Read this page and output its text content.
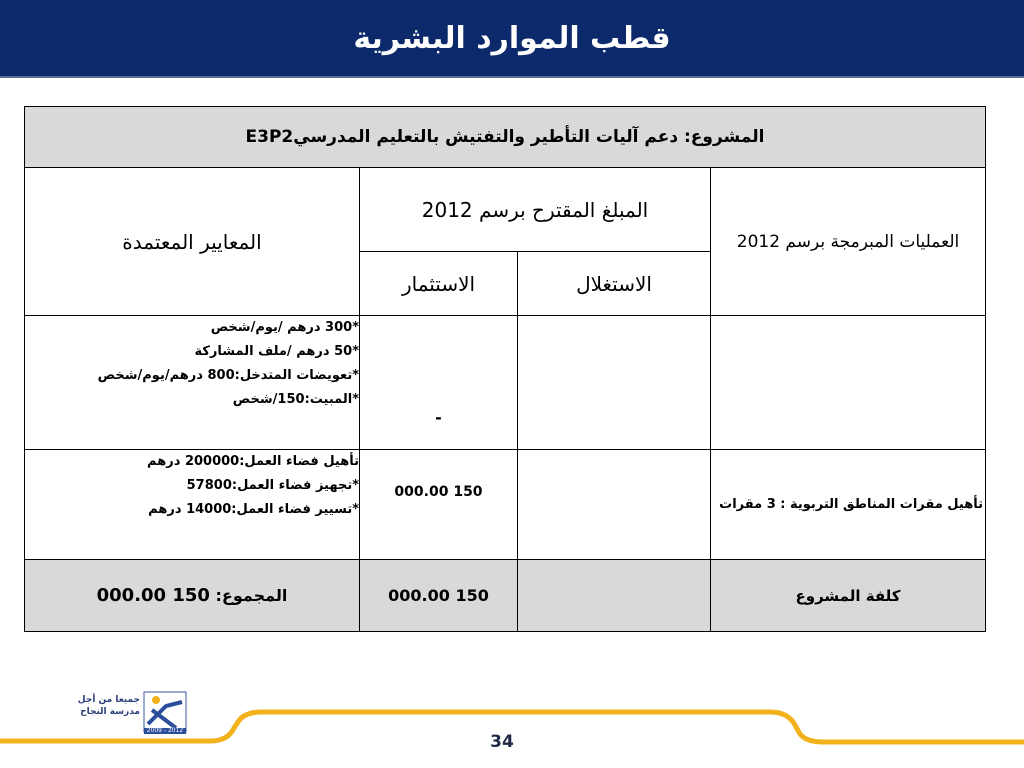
قطب الموارد البشرية
المشروع: دعم آليات التأطير والتفتيش بالتعليم المدرسيE3P2			

العمليات المبرمجة برسم 2012	المبلغ المقترح برسم 2012		المعايير المعتمدة
	الاستغلال	الاستثمار	
		-	*300 درهم /يوم/شخص
*50 درهم /ملف المشاركة
*تعويضات المتدخل:800 درهم/يوم/شخص
*المبيت:150/شخص

تأهيل مقرات المناطق التربوية : 3 مقرات		150 000.00	تأهيل فضاء العمل:200000 درهم
*تجهيز فضاء العمل:57800
*تسيير فضاء العمل:14000 درهم

كلفة المشروع		150 000.00	المجموع: 150 000.00
جميعا من أجل
مدرسة النجاح
2009 - 2012
34
